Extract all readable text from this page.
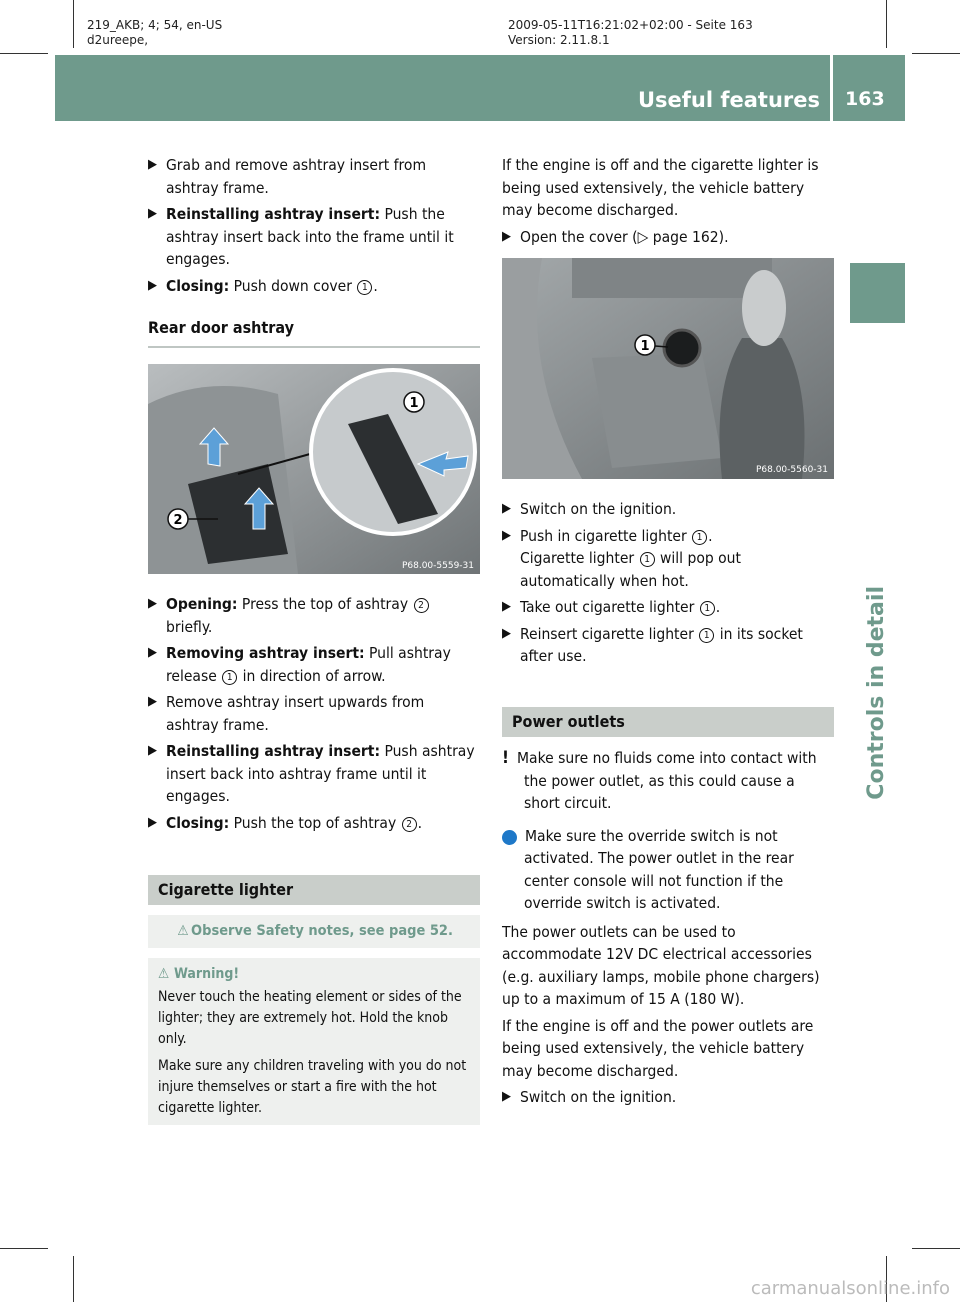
219_AKB; 4; 54, en-US
d2ureepe,
2009-05-11T16:21:02+02:00 - Seite 163
Version: 2.11.8.1
Useful features 163
Controls in detail

▶ Grab and remove ashtray insert from ashtray frame.

▶ Reinstalling ashtray insert: Push the ashtray insert back into the frame until it engages.

▶ Closing: Push down cover 1 .

Rear door ashtray
1
2
P68.00-5559-31

▶ Opening: Press the top of ashtray 2 briefly.

▶ Removing ashtray insert: Pull ashtray release 1 in direction of arrow.

▶ Remove ashtray insert upwards from ashtray frame.

▶ Reinstalling ashtray insert: Push ashtray insert back into ashtray frame until it engages.

▶ Closing: Push the top of ashtray 2 .

Cigarette lighter
⚠ Observe Safety notes, see page 52.
⚠ Warning!

Never touch the heating element or sides of the lighter; they are extremely hot. Hold the knob only.

Make sure any children traveling with you do not injure themselves or start a fire with the hot cigarette lighter.

If the engine is off and the cigarette lighter is being used extensively, the vehicle battery may become discharged.

▶ Open the cover (▷ page 162).

1
P68.00-5560-31

▶ Switch on the ignition.

▶ Push in cigarette lighter 1 .
Cigarette lighter 1 will pop out automatically when hot.

▶ Take out cigarette lighter 1 .

▶ Reinsert cigarette lighter 1 in its socket after use.

Power outlets

! Make sure no fluids come into contact with the power outlet, as this could cause a short circuit.

i Make sure the override switch is not activated. The power outlet in the rear center console will not function if the override switch is activated.

The power outlets can be used to accommodate 12V DC electrical accessories (e.g. auxiliary lamps, mobile phone chargers) up to a maximum of 15 A (180 W).

If the engine is off and the power outlets are being used extensively, the vehicle battery may become discharged.

▶ Switch on the ignition.

carmanualsonline.info
